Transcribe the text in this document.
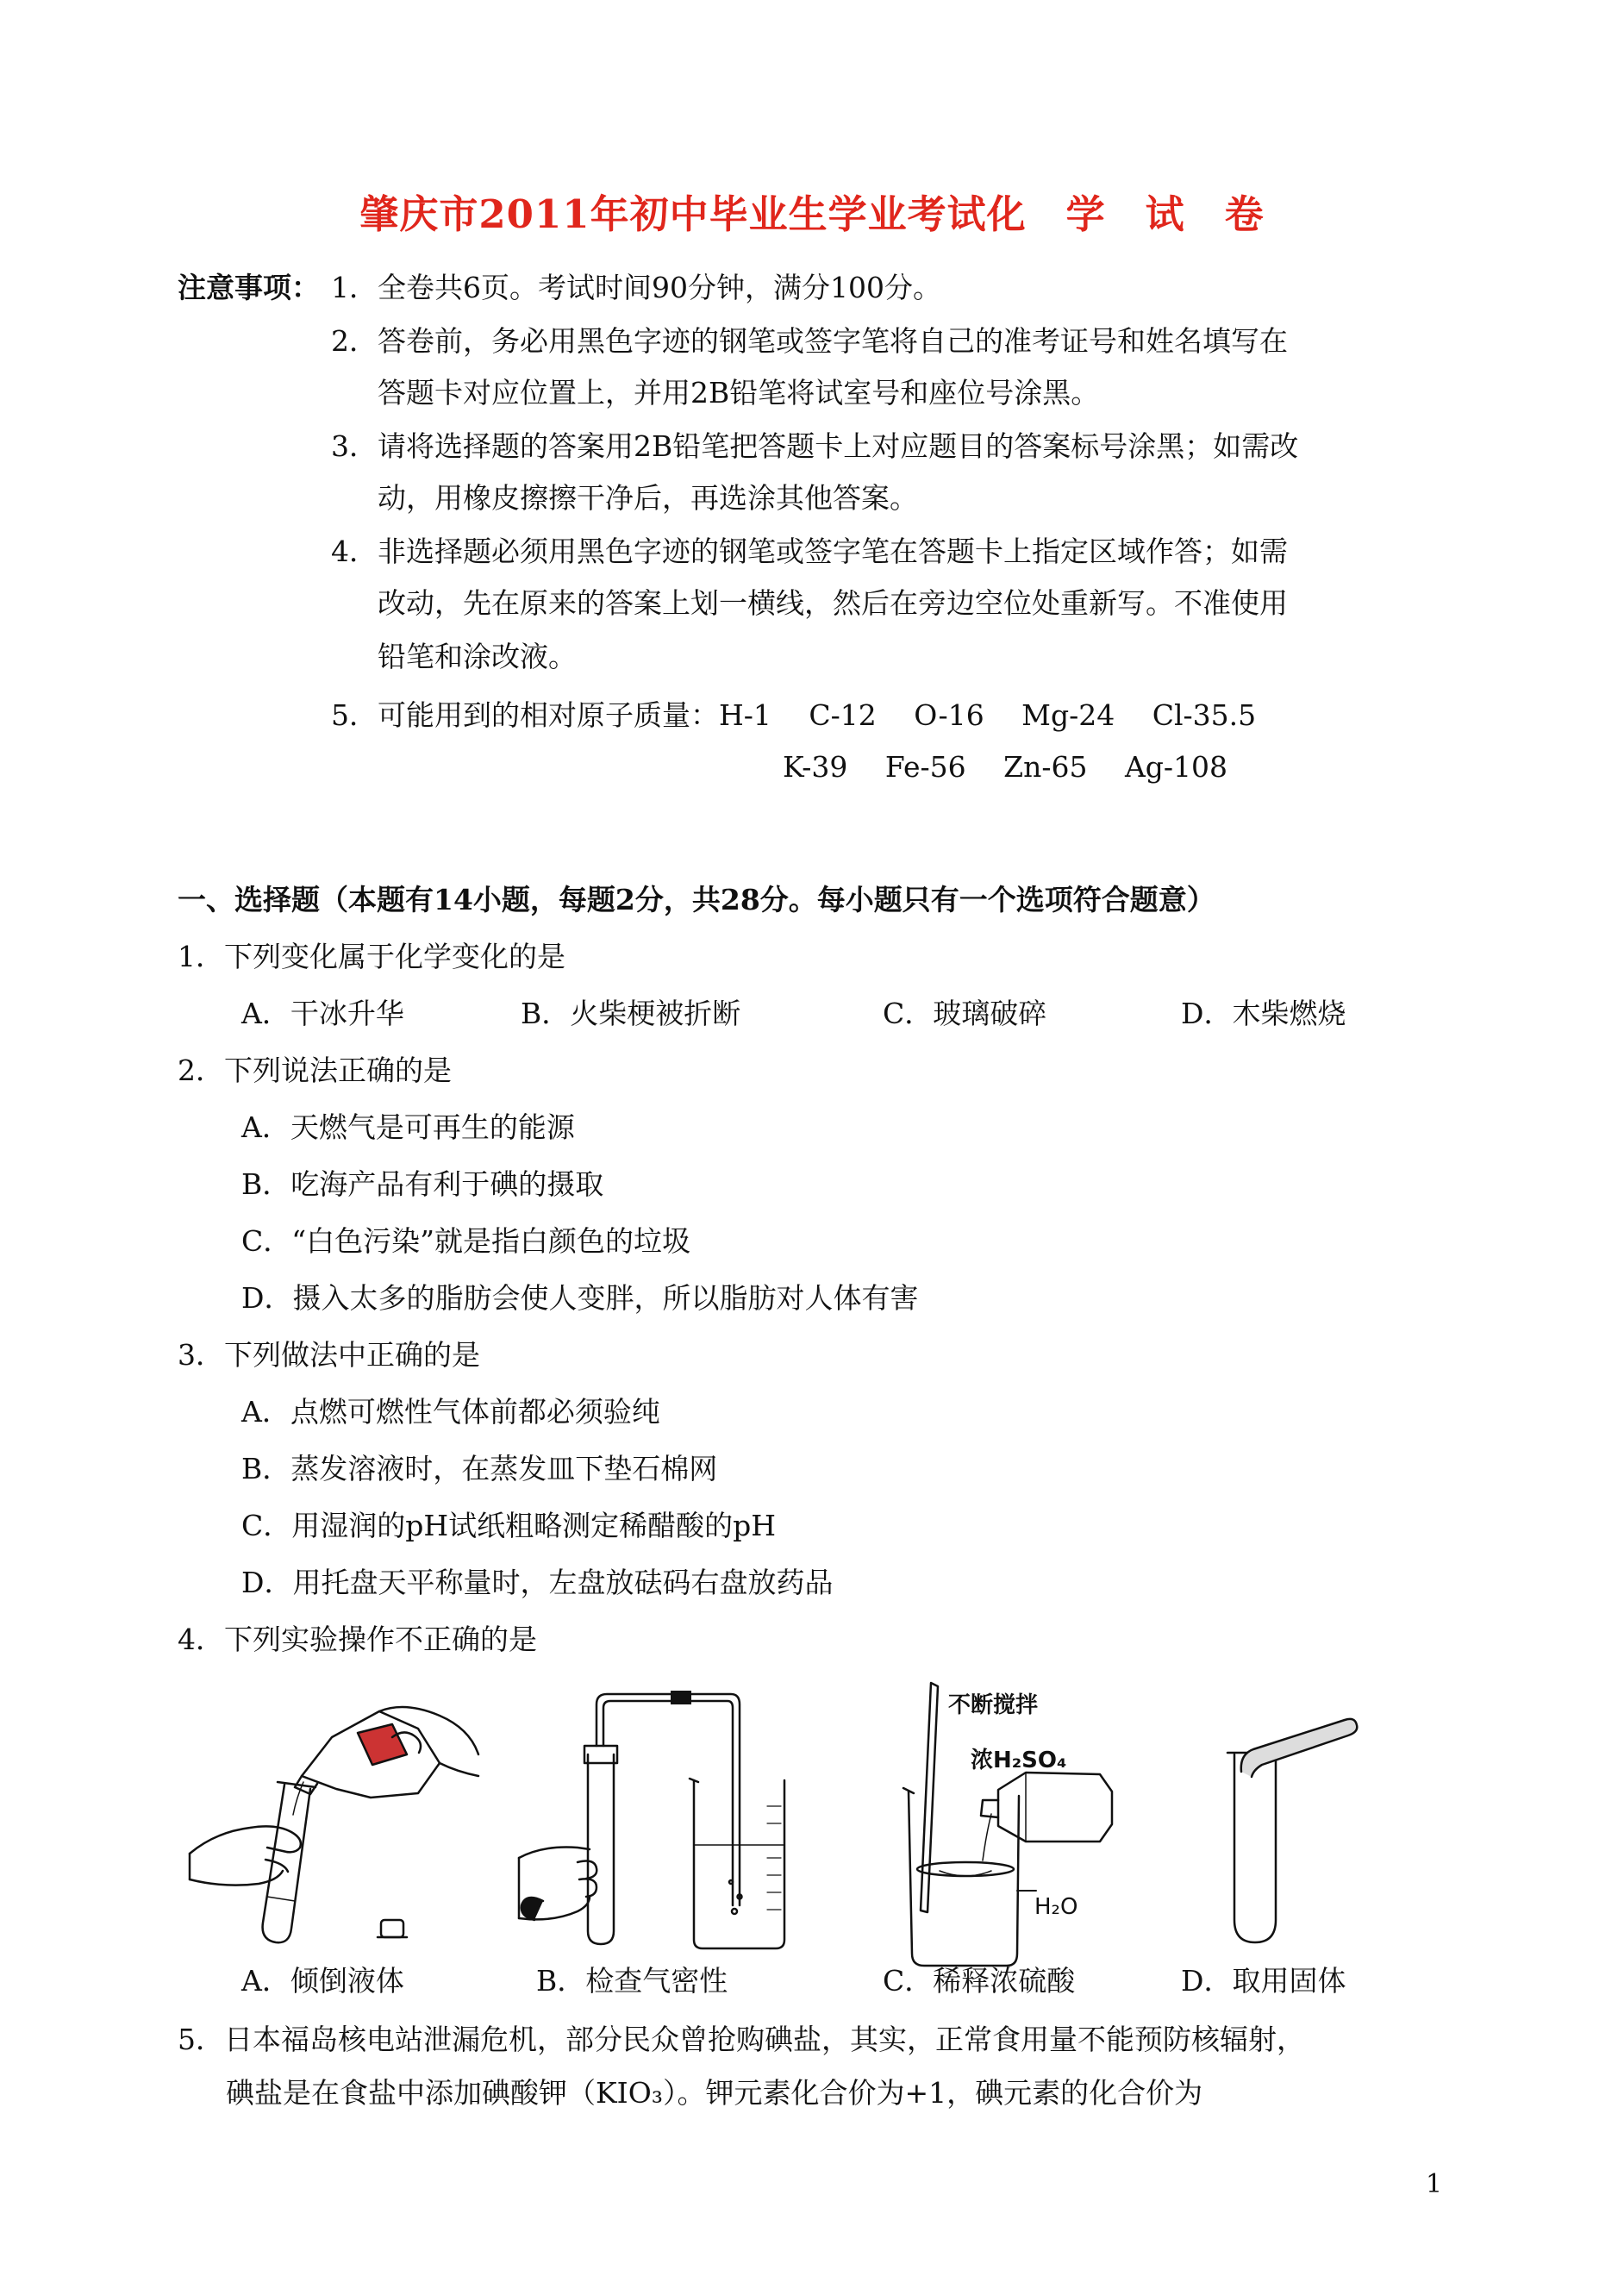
肇庆市2011年初中毕业生学业考试化　学　试　卷
注意事项： 1．全卷共6页。考试时间90分钟，满分100分。
2．答卷前，务必用黑色字迹的钢笔或签字笔将自己的准考证号和姓名填写在
答题卡对应位置上，并用2B铅笔将试室号和座位号涂黑。
3．请将选择题的答案用2B铅笔把答题卡上对应题目的答案标号涂黑；如需改
动，用橡皮擦擦干净后，再选涂其他答案。
4．非选择题必须用黑色字迹的钢笔或签字笔在答题卡上指定区域作答；如需
改动，先在原来的答案上划一横线，然后在旁边空位处重新写。不准使用
铅笔和涂改液。
5．可能用到的相对原子质量：H-1　 C-12　 O-16　 Mg-24　 Cl-35.5
K-39　 Fe-56　 Zn-65　 Ag-108
一、选择题（本题有14小题，每题2分，共28分。每小题只有一个选项符合题意）
1．下列变化属于化学变化的是
A．干冰升华	B．火柴梗被折断	C．玻璃破碎	D．木柴燃烧
2．下列说法正确的是
A．天燃气是可再生的能源
B．吃海产品有利于碘的摄取
C．“白色污染”就是指白颜色的垃圾
D．摄入太多的脂肪会使人变胖，所以脂肪对人体有害
3．下列做法中正确的是
A．点燃可燃性气体前都必须验纯
B．蒸发溶液时，在蒸发皿下垫石棉网
C．用湿润的pH试纸粗略测定稀醋酸的pH
D．用托盘天平称量时，左盘放砝码右盘放药品
4．下列实验操作不正确的是
不断搅拌
浓H₂SO₄
H₂O
A．倾倒液体	B．检查气密性	C．稀释浓硫酸	D．取用固体
5．日本福岛核电站泄漏危机，部分民众曾抢购碘盐，其实，正常食用量不能预防核辐射，
碘盐是在食盐中添加碘酸钾（KIO₃）。钾元素化合价为+1，碘元素的化合价为
1
